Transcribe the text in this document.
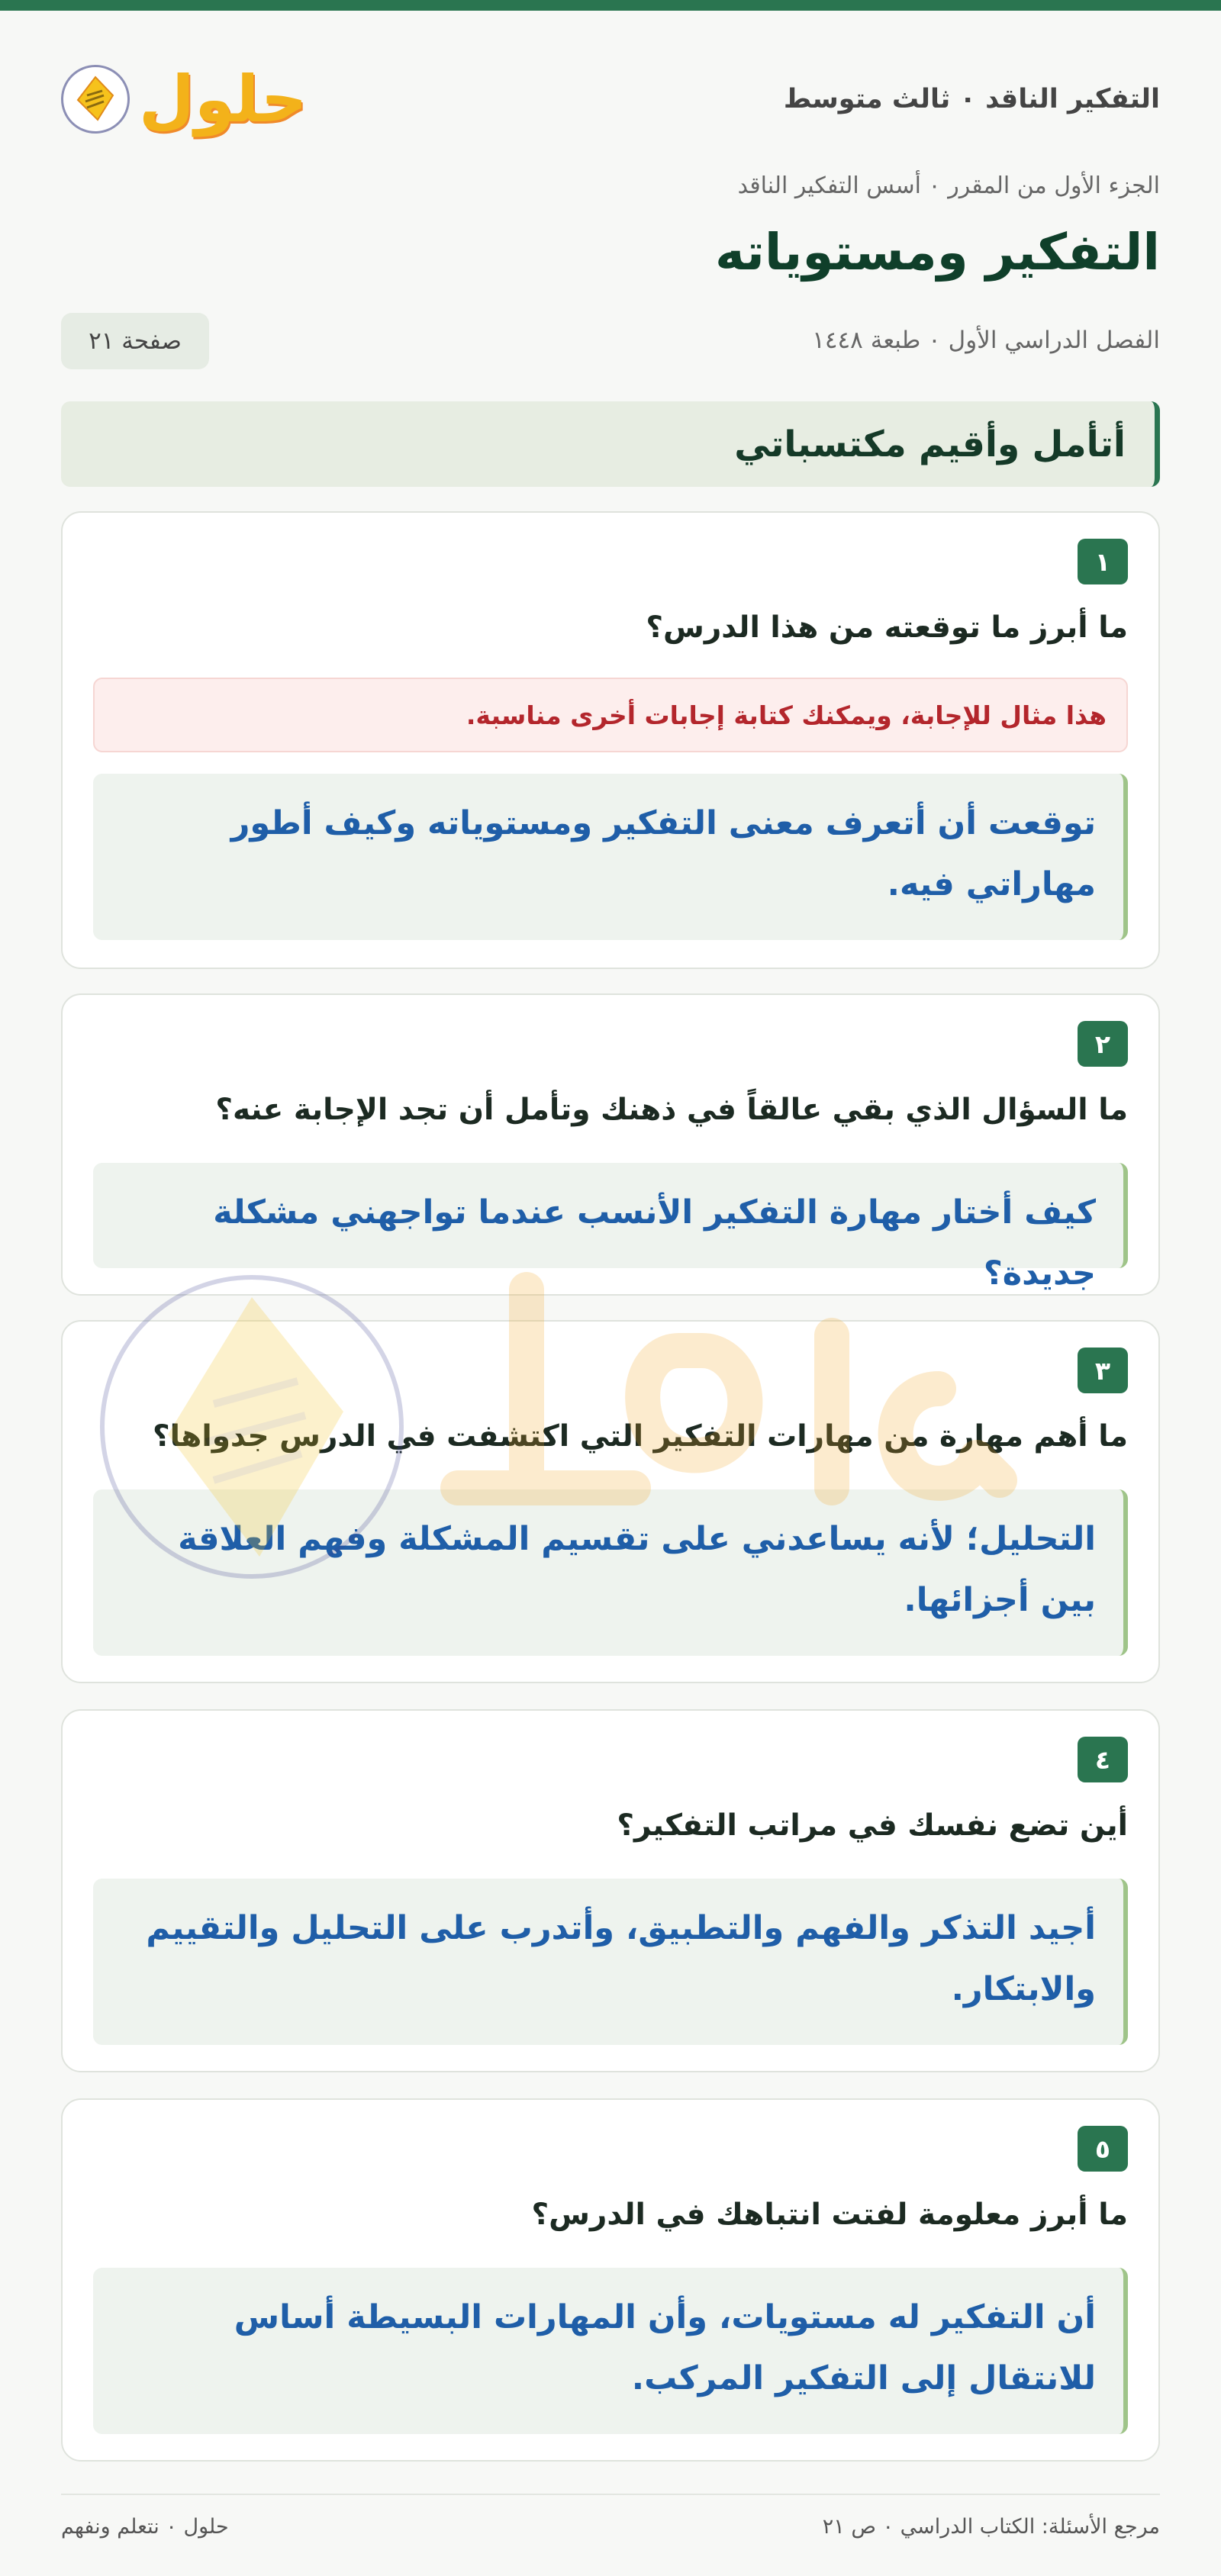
التفكير الناقد ٠ ثالث متوسط
حلول
الجزء الأول من المقرر ٠ أسس التفكير الناقد
التفكير ومستوياته
الفصل الدراسي الأول ٠ طبعة ١٤٤٨
صفحة ٢١
أتأمل وأقيم مكتسباتي
١
ما أبرز ما توقعته من هذا الدرس؟
هذا مثال للإجابة، ويمكنك كتابة إجابات أخرى مناسبة.
توقعت أن أتعرف معنى التفكير ومستوياته وكيف أطور مهاراتي فيه.
٢
ما السؤال الذي بقي عالقاً في ذهنك وتأمل أن تجد الإجابة عنه؟
كيف أختار مهارة التفكير الأنسب عندما تواجهني مشكلة جديدة؟
٣
ما أهم مهارة من مهارات التفكير التي اكتشفت في الدرس جدواها؟
التحليل؛ لأنه يساعدني على تقسيم المشكلة وفهم العلاقة بين أجزائها.
٤
أين تضع نفسك في مراتب التفكير؟
أجيد التذكر والفهم والتطبيق، وأتدرب على التحليل والتقييم والابتكار.
٥
ما أبرز معلومة لفتت انتباهك في الدرس؟
أن التفكير له مستويات، وأن المهارات البسيطة أساس للانتقال إلى التفكير المركب.
مرجع الأسئلة: الكتاب الدراسي ٠ ص ٢١
حلول ٠ نتعلم ونفهم
